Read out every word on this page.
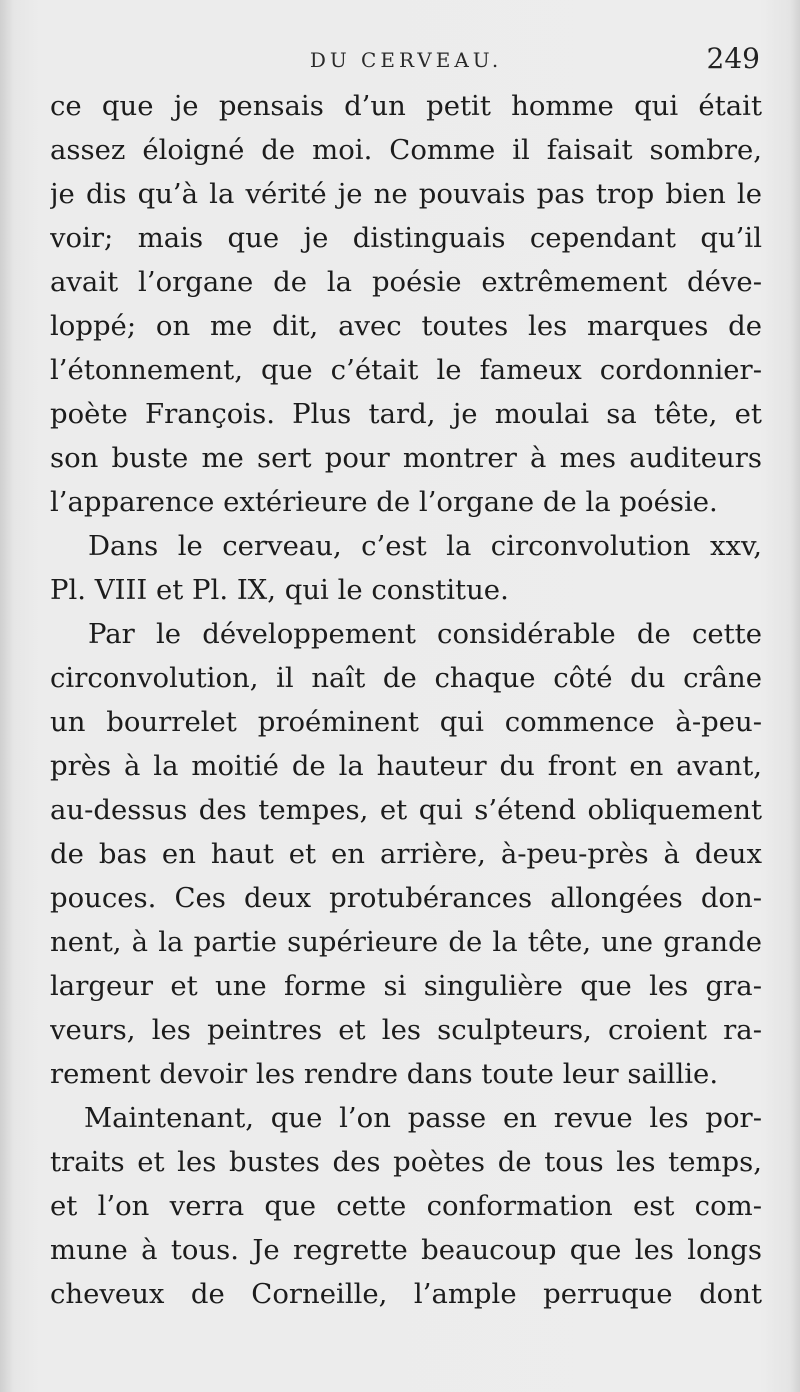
DU CERVEAU.	249
ce que je pensais d’un petit homme qui était
assez éloigné de moi. Comme il faisait sombre,
je dis qu’à la vérité je ne pouvais pas trop bien le
voir; mais que je distinguais cependant qu’il
avait l’organe de la poésie extrêmement déve-
loppé; on me dit, avec toutes les marques de
l’étonnement, que c’était le fameux cordonnier-
poète François. Plus tard, je moulai sa tête, et
son buste me sert pour montrer à mes auditeurs
l’apparence extérieure de l’organe de la poésie.
Dans le cerveau, c’est la circonvolution xxv,
Pl. VIII et Pl. IX, qui le constitue.
Par le développement considérable de cette
circonvolution, il naît de chaque côté du crâne
un bourrelet proéminent qui commence à-peu-
près à la moitié de la hauteur du front en avant,
au-dessus des tempes, et qui s’étend obliquement
de bas en haut et en arrière, à-peu-près à deux
pouces. Ces deux protubérances allongées don-
nent, à la partie supérieure de la tête, une grande
largeur et une forme si singulière que les gra-
veurs, les peintres et les sculpteurs, croient ra-
rement devoir les rendre dans toute leur saillie.
Maintenant, que l’on passe en revue les por-
traits et les bustes des poètes de tous les temps,
et l’on verra que cette conformation est com-
mune à tous. Je regrette beaucoup que les longs
cheveux de Corneille, l’ample perruque dont
